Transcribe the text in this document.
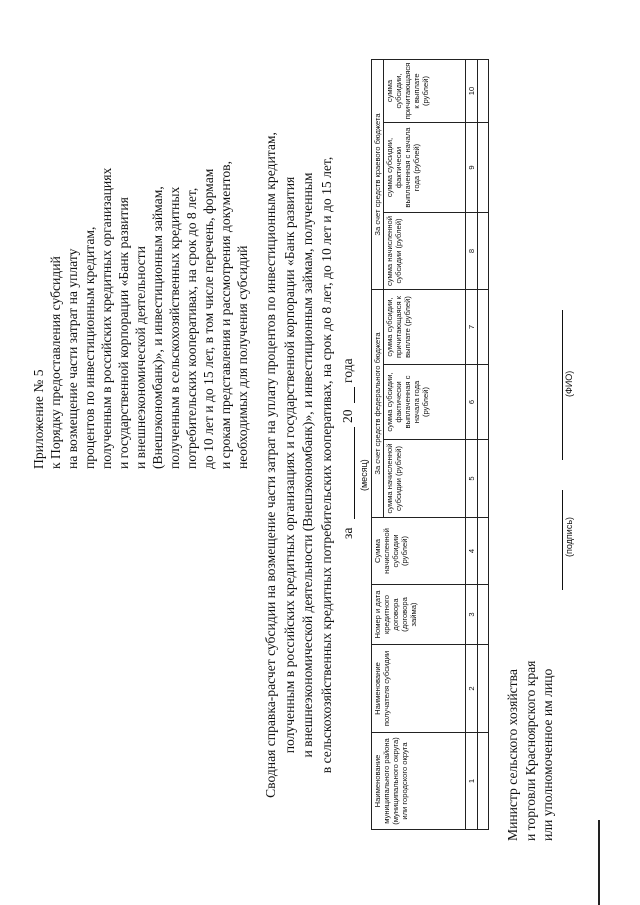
Приложение № 5 к Порядку предоставления субсидий на возмещение части затрат на уплату процентов по инвестиционным кредитам, полученным в российских кредитных организациях и государственной корпорации «Банк развития и внешнеэкономической деятельности (Внешэкономбанк)», и инвестиционным займам, полученным в сельскохозяйственных кредитных потребительских кооперативах, на срок до 8 лет, до 10 лет и до 15 лет, в том числе перечень, формам и срокам представления и рассмотрения документов, необходимых для получения субсидий Сводная справка-расчет субсидии на возмещение части затрат на уплату процентов по инвестиционным кредитам, полученным в российских кредитных организациях и государственной корпорации «Банк развития и внешнеэкономической деятельности (Внешэкономбанк)», и инвестиционным займам, полученным в сельскохозяйственных кредитных потребительских кооперативах, на срок до 8 лет, до 10 лет и до 15 лет, за
20
года
(месяц)
Наименование муниципального района (муниципального округа) или городского округа	Наименование получателя субсидии	Номер и дата кредитного договора (договора займа)	Сумма начисленной субсидии (рублей)	За счет средств федерального бюджета			За счет средств краевого бюджета		
				сумма начисленной субсидии (рублей)	сумма субсидии, фактически выплаченная с начала года (рублей)	сумма субсидии, причитающаяся к выплате (рублей)	сумма начисленной субсидии (рублей)	сумма субсидии, фактически выплаченная с начала года (рублей)	сумма субсидии, причитающаяся к выплате (рублей)
1	2	3	4	5	6	7	8	9	10

Министр сельского хозяйства и торговли Красноярского края или уполномоченное им лицо
(подпись)
(ФИО)
